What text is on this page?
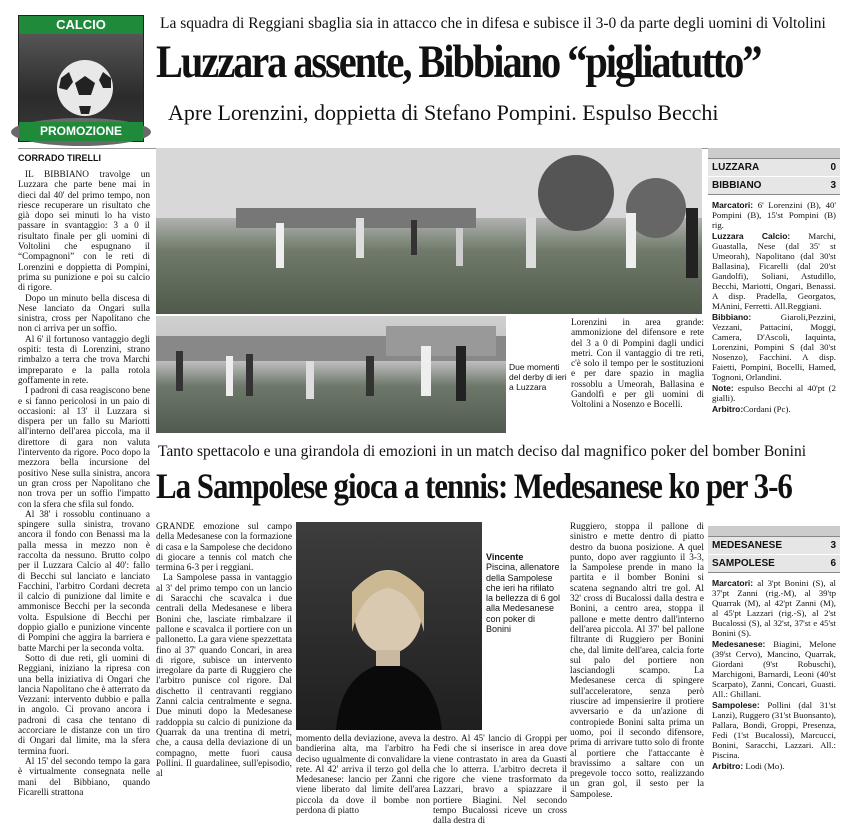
CALCIO
PROMOZIONE
La squadra di Reggiani sbaglia sia in attacco che in difesa e subisce il 3-0 da parte degli uomini di Voltolini
Luzzara assente, Bibbiano “pigliatutto”
Apre Lorenzini, doppietta di Stefano Pompini. Espulso Becchi
CORRADO TIRELLI

IL BIBBIANO travolge un Luzzara che parte bene mai in dieci dal 40' del primo tempo, non riesce recuperare un risultato che già dopo sei minuti lo ha visto passare in svantaggio: 3 a 0 il risultato finale per gli uomini di Voltolini che espugnano il “Compagnoni” con le reti di Lorenzini e doppietta di Pompini, prima su punizione e poi su calcio di rigore.

Dopo un minuto bella discesa di Nese lanciato da Ongari sulla sinistra, cross per Napolitano che non ci arriva per un soffio.

Al 6' il fortunoso vantaggio degli ospiti: testa di Lorenzini, strano rimbalzo a terra che trova Marchi impreparato e la palla rotola goffamente in rete.

I padroni di casa reagiscono bene e si fanno pericolosi in un paio di occasioni: al 13' il Luzzara si dispera per un fallo su Mariotti all'interno dell'area piccola, ma il direttore di gara non valuta l'intervento da rigore. Poco dopo la mezzora bella incursione del positivo Nese sulla sinistra, ancora un gran cross per Napolitano che non trova per un soffio l'impatto con la sfera che sfila sul fondo.

Al 38' i rossoblu continuano a spingere sulla sinistra, trovano ancora il fondo con Benassi ma la palla messa in mezzo non è raccolta da nessuno. Brutto colpo per il Luzzara Calcio al 40': fallo di Becchi sul lanciato e lanciato Facchini, l'arbitro Cordani decreta il calcio di punizione dal limite e ammonisce Becchi per la seconda volta. Espulsione di Becchi per doppio giallo e punizione vincente di Pompini che aggira la barriera e batte Marchi per la seconda volta.

Sotto di due reti, gli uomini di Reggiani, iniziano la ripresa con una bella iniziativa di Ongari che lancia Napolitano che è atterrato da Vezzani: intervento dubbio e palla in angolo. Ci provano ancora i padroni di casa che tentano di accorciare le distanze con un tiro di Ongari dal limite, ma la sfera termina fuori.

Al 15' del secondo tempo la gara è virtualmente consegnata nelle mani del Bibbiano, quando Ficarelli strattona

Due momenti del derby di ieri a Luzzara
Lorenzini in area grande: ammonizione del difensore e rete del 3 a 0 di Pompini dagli undici metri. Con il vantaggio di tre reti, c'è solo il tempo per le sostituzioni e per dare spazio in maglia rossoblu a Umeorah, Ballasina e Gandolfi e per gli uomini di Voltolini a Nosenzo e Bocelli.
LUZZARA	0
BIBBIANO	3

Marcatori: 6' Lorenzini (B), 40' Pompini (B), 15'st Pompini (B) rig.

Luzzara Calcio: Marchi, Guastalla, Nese (dal 35' st Umeorah), Napolitano (dal 30'st Ballasina), Ficarelli (dal 20'st Gandolfi), Soliani, Astudillo, Becchi, Mariotti, Ongari, Benassi. A disp. Pradella, Georgatos, MAnini, Ferretti. All.Reggiani.

Bibbiano: Giaroli,Pezzini, Vezzani, Pattacini, Moggi, Camera, D'Ascoli, Iaquinta, Lorenzini, Pompini S (dal 30'st Nosenzo), Facchini. A disp. Faietti, Pompini, Bocelli, Hamed, Tognoni, Orlandini.

Note: espulso Becchi al 40'pt (2 gialli).

Arbitro:Cordani (Pc).

Tanto spettacolo e una girandola di emozioni in un match deciso dal magnifico poker del bomber Bonini
La Sampolese gioca a tennis: Medesanese ko per 3-6

GRANDE emozione sul campo della Medesanese con la formazione di casa e la Sampolese che decidono di giocare a tennis col match che termina 6-3 per i reggiani.

La Sampolese passa in vantaggio al 3' del primo tempo con un lancio di Saracchi che scavalca i due centrali della Medesanese e libera Bonini che, lasciate rimbalzare il pallone e scavalca il portiere con un pallonetto. La gara viene spezzettata fino al 37' quando Concari, in area di rigore, subisce un intervento irregolare da parte di Ruggiero che l'arbitro punisce col rigore. Dal dischetto il centravanti reggiano Zanni calcia centralmente e segna. Due minuti dopo la Medesanese raddoppia su calcio di punizione da Quarrak da una trentina di metri, che, a causa della deviazione di un compagno, mette fuori causa Pollini. Il guardalinee, sull'episodio, al

Vincente
Piscina, allenatore della Sampolese che ieri ha rifilato la bellezza di 6 gol alla Medesanese con poker di Bonini
momento della deviazione, aveva la bandierina alta, ma l'arbitro ha deciso ugualmente di convalidare la rete. Al 42' arriva il terzo gol della Medesanese: lancio per Zanni che viene liberato dal limite dell'area piccola da dove il bombe non perdona di piatto
destro. Al 45' lancio di Groppi per Fedi che si inserisce in area dove viene contrastato in area da Guasti che lo atterra. L'arbitro decreta il rigore che viene trasformato da Lazzari, bravo a spiazzare il portiere Biagini. Nel secondo tempo Bucalossi riceve un cross dalla destra di
Ruggiero, stoppa il pallone di sinistro e mette dentro di piatto destro da buona posizione. A quel punto, dopo aver raggiunto il 3-3, la Sampolese prende in mano la partita e il bomber Bonini si scatena segnando altri tre gol. Al 32' cross di Bucalossi dalla destra e Bonini, a centro area, stoppa il pallone e mette dentro dall'interno dell'area piccola. Al 37' bel pallone filtrante di Ruggiero per Bonini che, dal limite dell'area, calcia forte sul palo del portiere non lasciandogli scampo. La Medesanese cerca di spingere sull'acceleratore, senza però riuscire ad impensierire il protiere avversario e da un'azione di contropiede Bonini salta prima un uomo, poi il secondo difensore, prima di arrivare tutto solo di fronte al portiere che l'attaccante è bravissimo a saltare con un pregevole tocco sotto, realizzando un gran gol, il sesto per la Sampolese.
MEDESANESE	3
SAMPOLESE	6

Marcatori: al 3'pt Bonini (S), al 37'pt Zanni (rig.-M), al 39'tp Quarrak (M), al 42'pt Zanni (M), al 45'pt Lazzari (rig.-S), al 2'st Bucalossi (S), al 32'st, 37'st e 45'st Bonini (S).

Medesanese: Biagini, Melone (39'st Cervo), Mancino, Quarrak, Giordani (9'st Robuschi), Marchigoni, Barnardi, Leoni (40'st Scarpato), Zanni, Concari, Guasti. All.: Ghillani.

Sampolese: Pollini (dal 31'st Lanzi), Ruggero (31'st Buonsanto), Pallara, Bondi, Groppi, Presenza, Fedi (1'st Bucalossi), Marcucci, Bonini, Saracchi, Lazzari. All.: Piscina.

Arbitro: Lodi (Mo).
